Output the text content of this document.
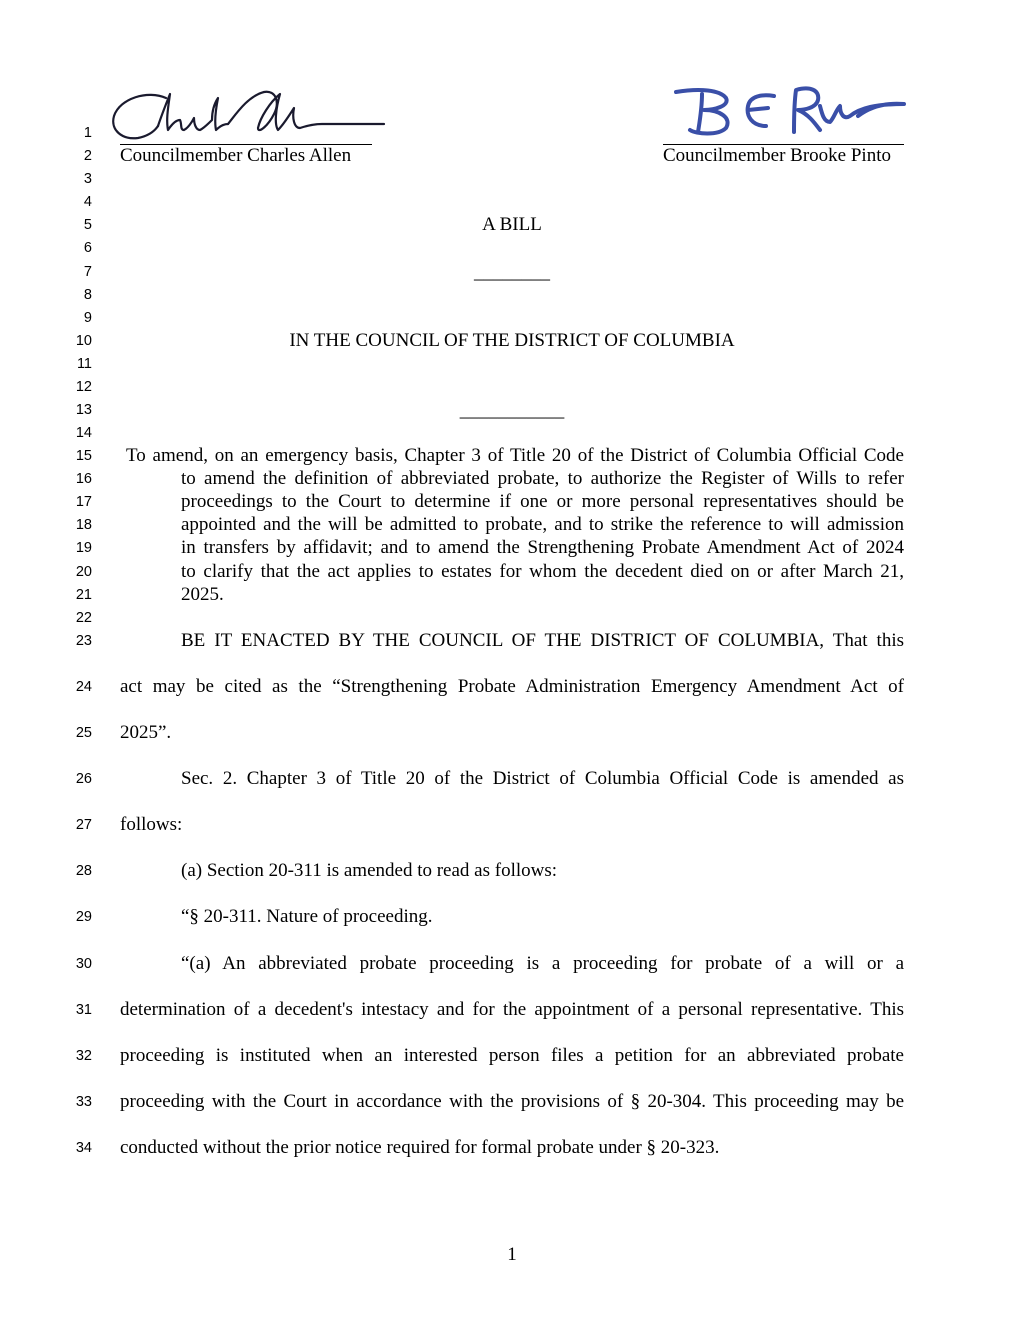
1
2
3
4
5
6
7
8
9
10
11
12
13
14
15
16
17
18
19
20
21
22
23
24
25
26
27
28
29
30
31
32
33
34
Councilmember Charles Allen	Councilmember Brooke Pinto
A BILL
________
IN THE COUNCIL OF THE DISTRICT OF COLUMBIA
___________
To amend, on an emergency basis, Chapter 3 of Title 20 of the District of Columbia Official Code
to amend the definition of abbreviated probate, to authorize the Register of Wills to refer
proceedings to the Court to determine if one or more personal representatives should be
appointed and the will be admitted to probate, and to strike the reference to will admission
in transfers by affidavit; and to amend the Strengthening Probate Amendment Act of 2024
to clarify that the act applies to estates for whom the decedent died on or after March 21,
2025.
BE IT ENACTED BY THE COUNCIL OF THE DISTRICT OF COLUMBIA, That this
act may be cited as the “Strengthening Probate Administration Emergency Amendment Act of
2025”.
Sec. 2. Chapter 3 of Title 20 of the District of Columbia Official Code is amended as
follows:
(a) Section 20-311 is amended to read as follows:
“§ 20-311. Nature of proceeding.
“(a) An abbreviated probate proceeding is a proceeding for probate of a will or a
determination of a decedent's intestacy and for the appointment of a personal representative. This
proceeding is instituted when an interested person files a petition for an abbreviated probate
proceeding with the Court in accordance with the provisions of § 20-304. This proceeding may be
conducted without the prior notice required for formal probate under § 20-323.
1
